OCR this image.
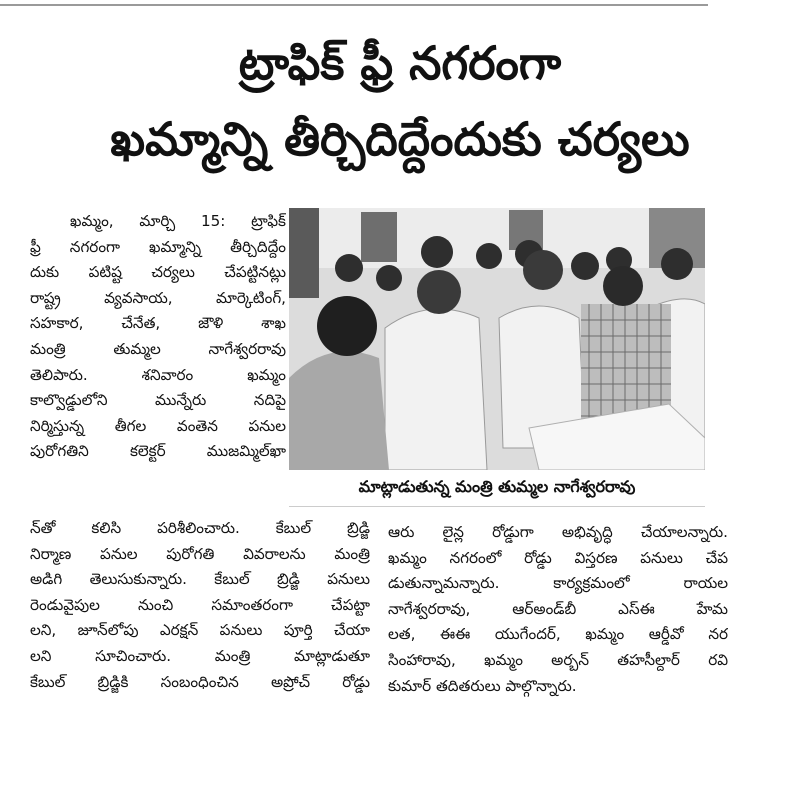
ట్రాఫిక్ ఫ్రీ నగరంగా
ఖమ్మాన్ని తీర్చిదిద్దేందుకు చర్యలు
ఖమ్మం, మార్చి 15: ట్రాఫిక్
ఫ్రీ నగరంగా ఖమ్మాన్ని తీర్చిదిద్దేం
దుకు పటిష్ట చర్యలు చేపట్టినట్లు
రాష్ట్ర వ్యవసాయ, మార్కెటింగ్,
సహకార, చేనేత, జౌళి శాఖ
మంత్రి తుమ్మల నాగేశ్వరరావు
తెలిపారు. శనివారం ఖమ్మం
కాల్వొడ్డులోని మున్నేరు నదిపై
నిర్మిస్తున్న తీగల వంతెన పనుల
పురోగతిని కలెక్టర్ ముజమ్మిల్‌ఖా
మాట్లాడుతున్న మంత్రి తుమ్మల నాగేశ్వరరావు
న్‌తో కలిసి పరిశీలించారు. కేబుల్ బ్రిడ్జి
నిర్మాణ పనుల పురోగతి వివరాలను మంత్రి
అడిగి తెలుసుకున్నారు. కేబుల్ బ్రిడ్జి పనులు
రెండువైపుల నుంచి సమాంతరంగా చేపట్టా
లని, జూన్‌లోపు ఎరక్షన్ పనులు పూర్తి చేయా
లని సూచించారు. మంత్రి మాట్లాడుతూ
కేబుల్ బ్రిడ్జికి సంబంధించిన అప్రోచ్ రోడ్డు
ఆరు లైన్ల రోడ్డుగా అభివృద్ధి చేయాలన్నారు.
ఖమ్మం నగరంలో రోడ్డు విస్తరణ పనులు చేప
డుతున్నామన్నారు. కార్యక్రమంలో రాయల
నాగేశ్వరరావు, ఆర్‌అండ్‌బీ ఎస్ఈ హేమ
లత, ఈఈ యుగేందర్, ఖమ్మం ఆర్డీవో నర
సింహారావు, ఖమ్మం అర్బన్ తహసీల్దార్ రవి
కుమార్ తదితరులు పాల్గొన్నారు.
